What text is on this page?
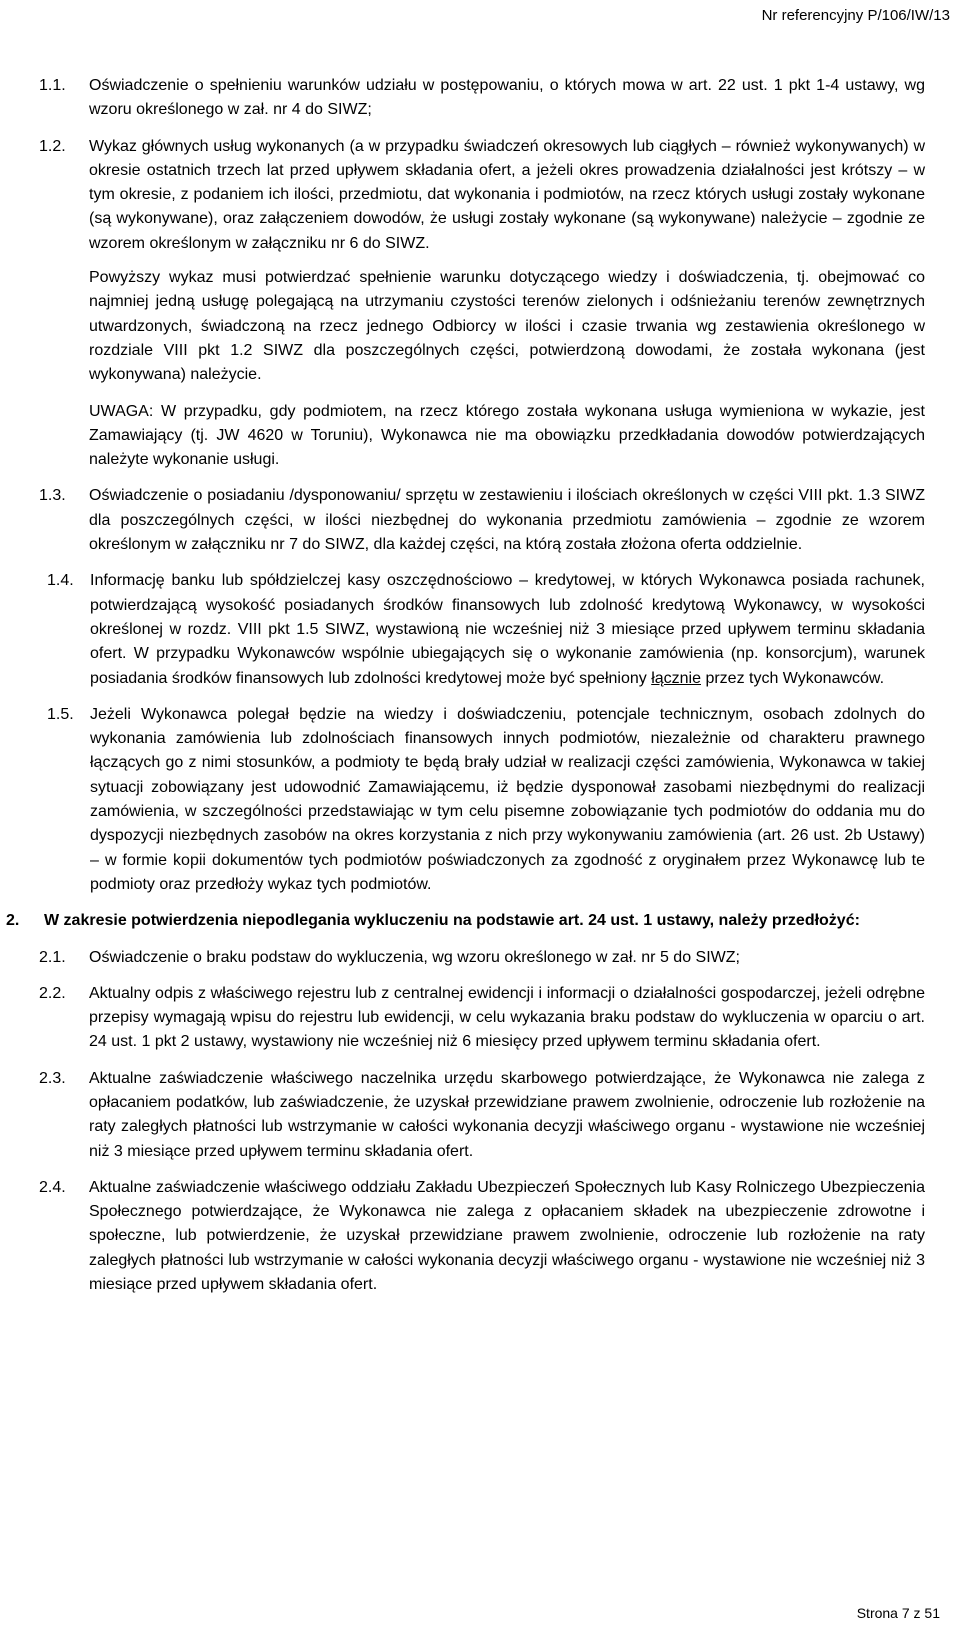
Nr referencyjny P/106/IW/13
1.1.	Oświadczenie o spełnieniu warunków udziału w postępowaniu, o których mowa w art. 22 ust. 1 pkt 1-4 ustawy, wg wzoru określonego w zał. nr 4 do SIWZ;
1.2.	Wykaz głównych usług wykonanych (a w przypadku świadczeń okresowych lub ciągłych – również wykonywanych) w okresie ostatnich trzech lat przed upływem składania ofert, a jeżeli okres prowadzenia działalności jest krótszy – w tym okresie, z podaniem ich ilości, przedmiotu, dat wykonania i podmiotów, na rzecz których usługi zostały wykonane (są wykonywane), oraz załączeniem dowodów, że usługi zostały wykonane (są wykonywane) należycie – zgodnie ze wzorem określonym w załączniku nr 6 do SIWZ.

Powyższy wykaz musi potwierdzać spełnienie warunku dotyczącego wiedzy i doświadczenia, tj. obejmować co najmniej jedną usługę polegającą na utrzymaniu czystości terenów zielonych i odśnieżaniu terenów zewnętrznych utwardzonych, świadczoną na rzecz jednego Odbiorcy w ilości i czasie trwania wg zestawienia określonego w rozdziale VIII pkt 1.2 SIWZ dla poszczególnych części, potwierdzoną dowodami, że została wykonana (jest wykonywana) należycie.

UWAGA: W przypadku, gdy podmiotem, na rzecz którego została wykonana usługa wymieniona w wykazie, jest Zamawiający (tj. JW 4620 w Toruniu), Wykonawca nie ma obowiązku przedkładania dowodów potwierdzających należyte wykonanie usługi.

1.3.	Oświadczenie o posiadaniu /dysponowaniu/ sprzętu w zestawieniu i ilościach określonych w części VIII pkt. 1.3 SIWZ dla poszczególnych części, w ilości niezbędnej do wykonania przedmiotu zamówienia – zgodnie ze wzorem określonym w załączniku nr 7 do SIWZ, dla każdej części, na którą została złożona oferta oddzielnie.
1.4.	Informację banku lub spółdzielczej kasy oszczędnościowo – kredytowej, w których Wykonawca posiada rachunek, potwierdzającą wysokość posiadanych środków finansowych lub zdolność kredytową Wykonawcy, w wysokości określonej w rozdz. VIII pkt 1.5 SIWZ, wystawioną nie wcześniej niż 3 miesiące przed upływem terminu składania ofert. W przypadku Wykonawców wspólnie ubiegających się o wykonanie zamówienia (np. konsorcjum), warunek posiadania środków finansowych lub zdolności kredytowej może być spełniony łącznie przez tych Wykonawców.
1.5.	Jeżeli Wykonawca polegał będzie na wiedzy i doświadczeniu, potencjale technicznym, osobach zdolnych do wykonania zamówienia lub zdolnościach finansowych innych podmiotów, niezależnie od charakteru prawnego łączących go z nimi stosunków, a podmioty te będą brały udział w realizacji części zamówienia, Wykonawca w takiej sytuacji zobowiązany jest udowodnić Zamawiającemu, iż będzie dysponował zasobami niezbędnymi do realizacji zamówienia, w szczególności przedstawiając w tym celu pisemne zobowiązanie tych podmiotów do oddania mu do dyspozycji niezbędnych zasobów na okres korzystania z nich przy wykonywaniu zamówienia (art. 26 ust. 2b Ustawy) – w formie kopii dokumentów tych podmiotów poświadczonych za zgodność z oryginałem przez Wykonawcę lub te podmioty oraz przedłoży wykaz tych podmiotów.
2.	W zakresie potwierdzenia niepodlegania wykluczeniu na podstawie art. 24 ust. 1 ustawy, należy przedłożyć:
2.1.	Oświadczenie o braku podstaw do wykluczenia, wg wzoru określonego w zał. nr 5 do SIWZ;
2.2.	Aktualny odpis z właściwego rejestru lub z centralnej ewidencji i informacji o działalności gospodarczej, jeżeli odrębne przepisy wymagają wpisu do rejestru lub ewidencji, w celu wykazania braku podstaw do wykluczenia w oparciu o art. 24 ust. 1 pkt 2 ustawy, wystawiony nie wcześniej niż 6 miesięcy przed upływem terminu składania ofert.
2.3.	Aktualne zaświadczenie właściwego naczelnika urzędu skarbowego potwierdzające, że Wykonawca nie zalega z opłacaniem podatków, lub zaświadczenie, że uzyskał przewidziane prawem zwolnienie, odroczenie lub rozłożenie na raty zaległych płatności lub wstrzymanie w całości wykonania decyzji właściwego organu - wystawione nie wcześniej niż 3 miesiące przed upływem terminu składania ofert.
2.4.	Aktualne zaświadczenie właściwego oddziału Zakładu Ubezpieczeń Społecznych lub Kasy Rolniczego Ubezpieczenia Społecznego potwierdzające, że Wykonawca nie zalega z opłacaniem składek na ubezpieczenie zdrowotne i społeczne, lub potwierdzenie, że uzyskał przewidziane prawem zwolnienie, odroczenie lub rozłożenie na raty zaległych płatności lub wstrzymanie w całości wykonania decyzji właściwego organu - wystawione nie wcześniej niż 3 miesiące przed upływem składania ofert.
Strona 7 z 51
